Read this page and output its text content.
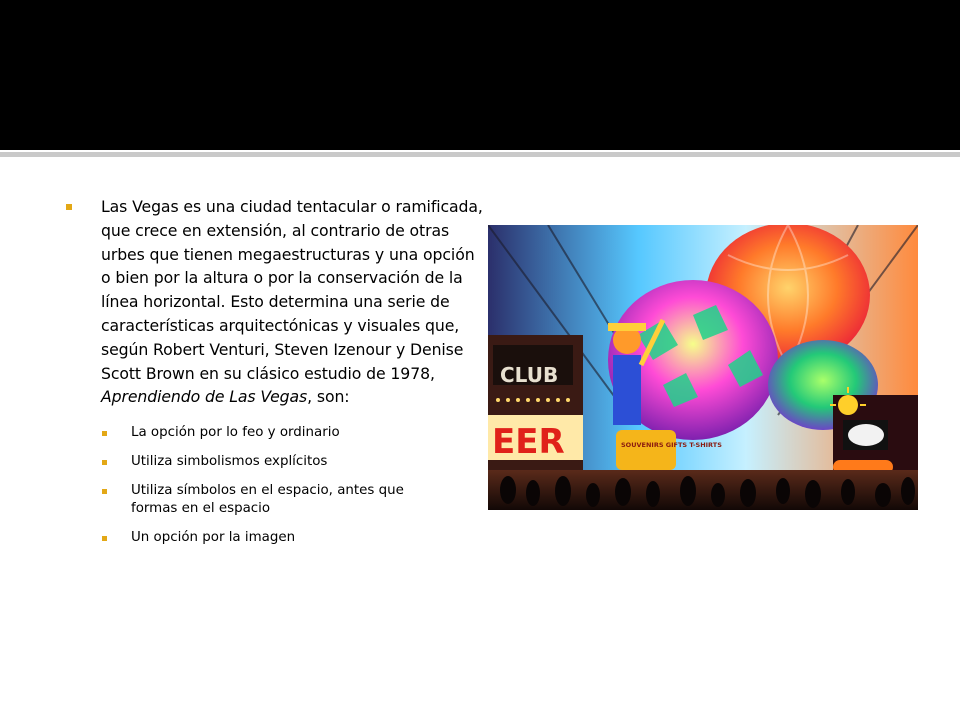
Las Vegas es una ciudad tentacular o ramificada, que crece en extensión, al contrario de otras urbes que tienen megaestructuras y una opción o bien por la altura o por la conservación de la línea horizontal. Esto determina una serie de características arquitectónicas y visuales que, según Robert Venturi, Steven Izenour y Denise Scott Brown en su clásico estudio de 1978, Aprendiendo de Las Vegas, son:
La opción por lo feo y ordinario
Utiliza simbolismos explícitos
Utiliza símbolos en el espacio, antes que formas en el espacio
Un opción por la imagen
CLUB
EER	SOUVENIRS GIFTS T-SHIRTS
